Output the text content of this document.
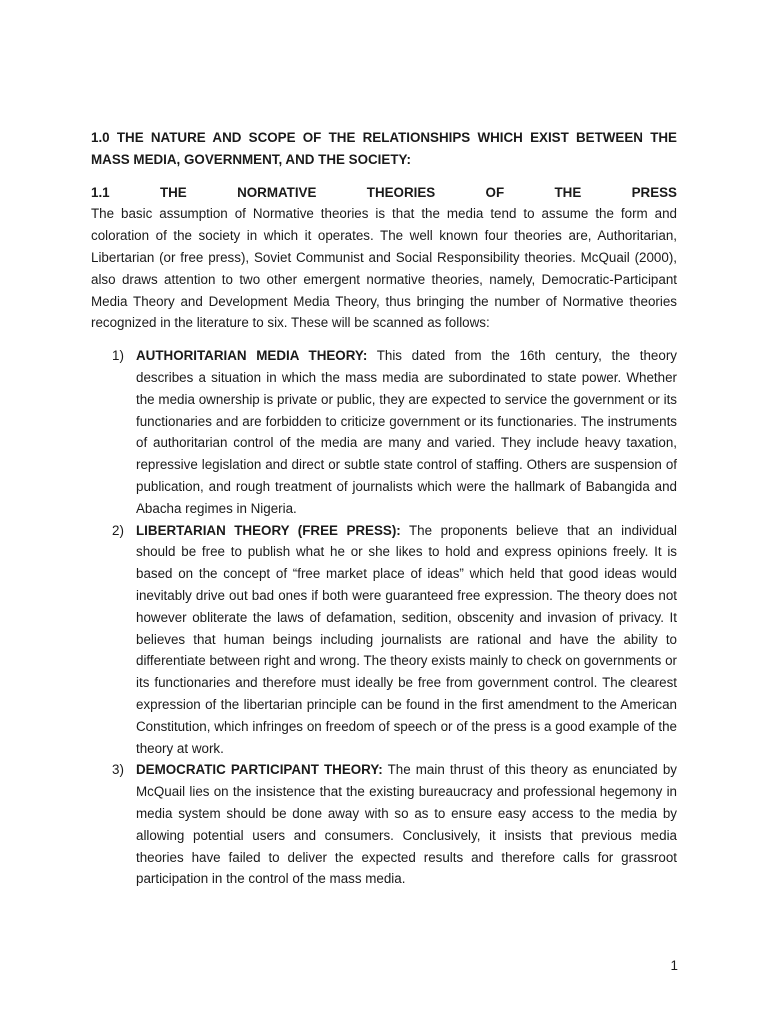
1.0 THE NATURE AND SCOPE OF THE RELATIONSHIPS WHICH EXIST BETWEEN THE MASS MEDIA, GOVERNMENT, AND THE SOCIETY:

1.1 THE NORMATIVE THEORIES OF THE PRESS

The basic assumption of Normative theories is that the media tend to assume the form and coloration of the society in which it operates. The well known four theories are, Authoritarian, Libertarian (or free press), Soviet Communist and Social Responsibility theories. McQuail (2000), also draws attention to two other emergent normative theories, namely, Democratic-Participant Media Theory and Development Media Theory, thus bringing the number of Normative theories recognized in the literature to six. These will be scanned as follows:

1) AUTHORITARIAN MEDIA THEORY: This dated from the 16th century, the theory describes a situation in which the mass media are subordinated to state power. Whether the media ownership is private or public, they are expected to service the government or its functionaries and are forbidden to criticize government or its functionaries. The instruments of authoritarian control of the media are many and varied. They include heavy taxation, repressive legislation and direct or subtle state control of staffing. Others are suspension of publication, and rough treatment of journalists which were the hallmark of Babangida and Abacha regimes in Nigeria.
2) LIBERTARIAN THEORY (FREE PRESS): The proponents believe that an individual should be free to publish what he or she likes to hold and express opinions freely. It is based on the concept of “free market place of ideas” which held that good ideas would inevitably drive out bad ones if both were guaranteed free expression. The theory does not however obliterate the laws of defamation, sedition, obscenity and invasion of privacy. It believes that human beings including journalists are rational and have the ability to differentiate between right and wrong. The theory exists mainly to check on governments or its functionaries and therefore must ideally be free from government control. The clearest expression of the libertarian principle can be found in the first amendment to the American Constitution, which infringes on freedom of speech or of the press is a good example of the theory at work.
3) DEMOCRATIC PARTICIPANT THEORY: The main thrust of this theory as enunciated by McQuail lies on the insistence that the existing bureaucracy and professional hegemony in media system should be done away with so as to ensure easy access to the media by allowing potential users and consumers. Conclusively, it insists that previous media theories have failed to deliver the expected results and therefore calls for grassroot participation in the control of the mass media.
1
